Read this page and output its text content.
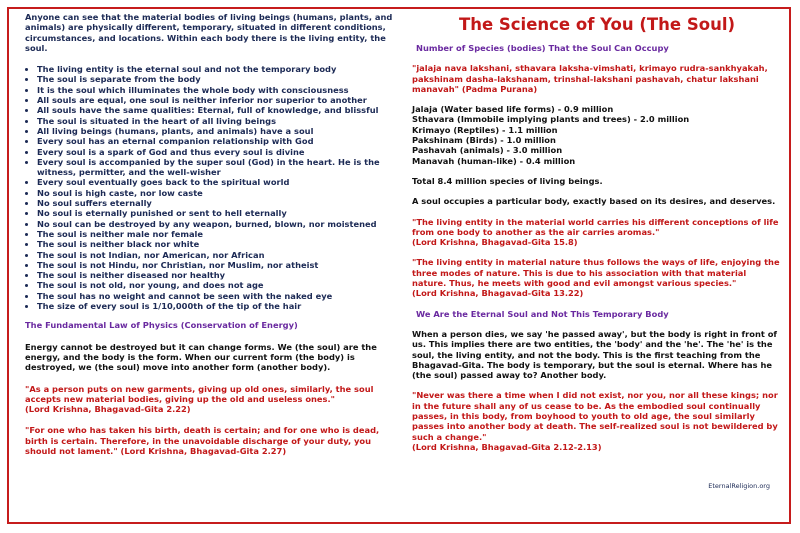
Anyone can see that the material bodies of living beings (humans, plants, and animals) are physically different, temporary, situated in different conditions, circumstances, and locations. Within each body there is the living entity, the soul.

• The living entity is the eternal soul and not the temporary body
• The soul is separate from the body
• It is the soul which illuminates the whole body with consciousness
• All souls are equal, one soul is neither inferior nor superior to another
• All souls have the same qualities: Eternal, full of knowledge, and blissful
• The soul is situated in the heart of all living beings
• All living beings (humans, plants, and animals) have a soul
• Every soul has an eternal companion relationship with God
• Every soul is a spark of God and thus every soul is divine
• Every soul is accompanied by the super soul (God) in the heart. He is the witness, permitter, and the well-wisher
• Every soul eventually goes back to the spiritual world
• No soul is high caste, nor low caste
• No soul suffers eternally
• No soul is eternally punished or sent to hell eternally
• No soul can be destroyed by any weapon, burned, blown, nor moistened
• The soul is neither male nor female
• The soul is neither black nor white
• The soul is not Indian, nor American, nor African
• The soul is not Hindu, nor Christian, nor Muslim, nor atheist
• The soul is neither diseased nor healthy
• The soul is not old, nor young, and does not age
• The soul has no weight and cannot be seen with the naked eye
• The size of every soul is 1/10,000th of the tip of the hair

The Fundamental Law of Physics (Conservation of Energy)

Energy cannot be destroyed but it can change forms. We (the soul) are the energy, and the body is the form. When our current form (the body) is destroyed, we (the soul) move into another form (another body).

"As a person puts on new garments, giving up old ones, similarly, the soul accepts new material bodies, giving up the old and useless ones."

(Lord Krishna, Bhagavad-Gita 2.22)

"For one who has taken his birth, death is certain; and for one who is dead, birth is certain. Therefore, in the unavoidable discharge of your duty, you should not lament." (Lord Krishna, Bhagavad-Gita 2.27)

The Science of You (The Soul)

Number of Species (bodies) That the Soul Can Occupy

"jalaja nava lakshani, sthavara laksha-vimshati, krimayo rudra-sankhyakah, pakshinam dasha-lakshanam, trinshal-lakshani pashavah, chatur lakshani manavah" (Padma Purana)

Jalaja (Water based life forms) - 0.9 million
Sthavara (Immobile implying plants and trees) - 2.0 million
Krimayo (Reptiles) - 1.1 million
Pakshinam (Birds) - 1.0 million
Pashavah (animals) - 3.0 million
Manavah (human-like) - 0.4 million

Total 8.4 million species of living beings.

A soul occupies a particular body, exactly based on its desires, and deserves.

"The living entity in the material world carries his different conceptions of life from one body to another as the air carries aromas."

(Lord Krishna, Bhagavad-Gita 15.8)

"The living entity in material nature thus follows the ways of life, enjoying the three modes of nature. This is due to his association with that material nature. Thus, he meets with good and evil amongst various species."

(Lord Krishna, Bhagavad-Gita 13.22)

We Are the Eternal Soul and Not This Temporary Body

When a person dies, we say 'he passed away', but the body is right in front of us. This implies there are two entities, the 'body' and the 'he'. The 'he' is the soul, the living entity, and not the body. This is the first teaching from the Bhagavad-Gita. The body is temporary, but the soul is eternal. Where has he (the soul) passed away to? Another body.

"Never was there a time when I did not exist, nor you, nor all these kings; nor in the future shall any of us cease to be. As the embodied soul continually passes, in this body, from boyhood to youth to old age, the soul similarly passes into another body at death. The self-realized soul is not bewildered by such a change."

(Lord Krishna, Bhagavad-Gita 2.12-2.13)

EternalReligion.org
